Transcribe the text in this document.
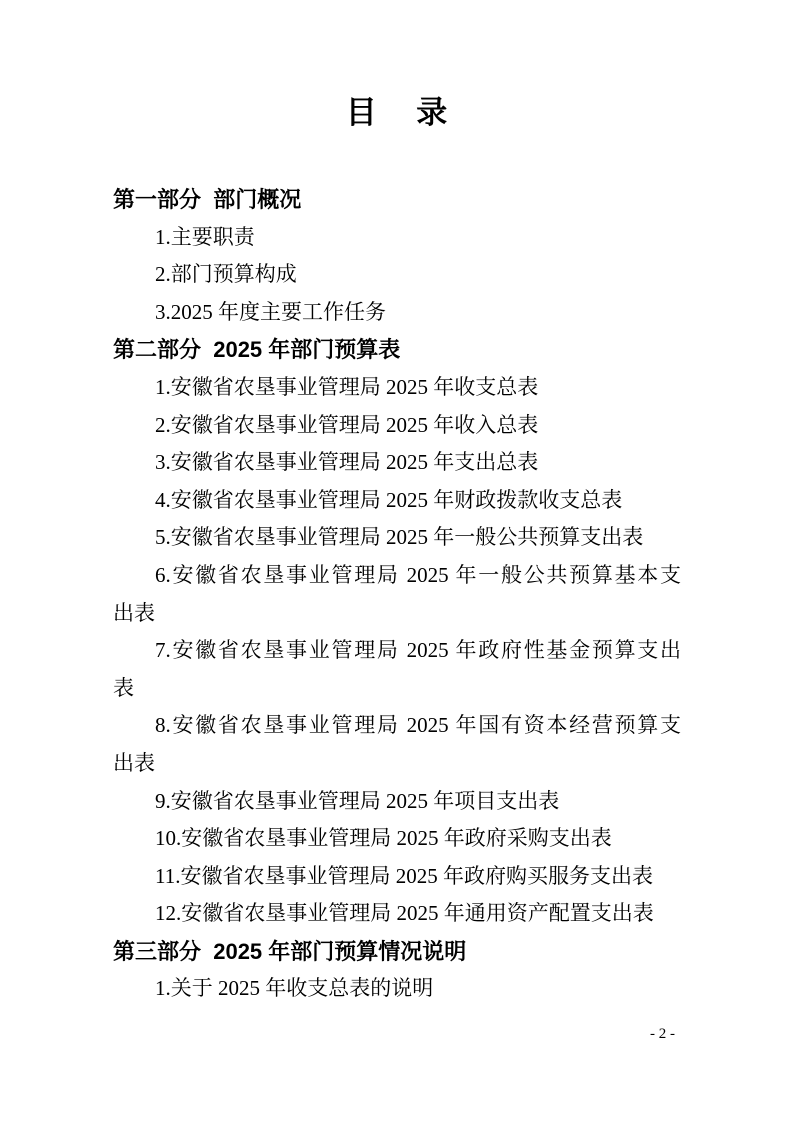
目    录
第一部分  部门概况
1.主要职责
2.部门预算构成
3.2025 年度主要工作任务
第二部分  2025 年部门预算表
1.安徽省农垦事业管理局 2025 年收支总表
2.安徽省农垦事业管理局 2025 年收入总表
3.安徽省农垦事业管理局 2025 年支出总表
4.安徽省农垦事业管理局 2025 年财政拨款收支总表
5.安徽省农垦事业管理局 2025 年一般公共预算支出表
6.安徽省农垦事业管理局 2025 年一般公共预算基本支
出表
7.安徽省农垦事业管理局 2025 年政府性基金预算支出
表
8.安徽省农垦事业管理局 2025 年国有资本经营预算支
出表
9.安徽省农垦事业管理局 2025 年项目支出表
10.安徽省农垦事业管理局 2025 年政府采购支出表
11.安徽省农垦事业管理局 2025 年政府购买服务支出表
12.安徽省农垦事业管理局 2025 年通用资产配置支出表
第三部分  2025 年部门预算情况说明
1.关于 2025 年收支总表的说明
- 2 -
